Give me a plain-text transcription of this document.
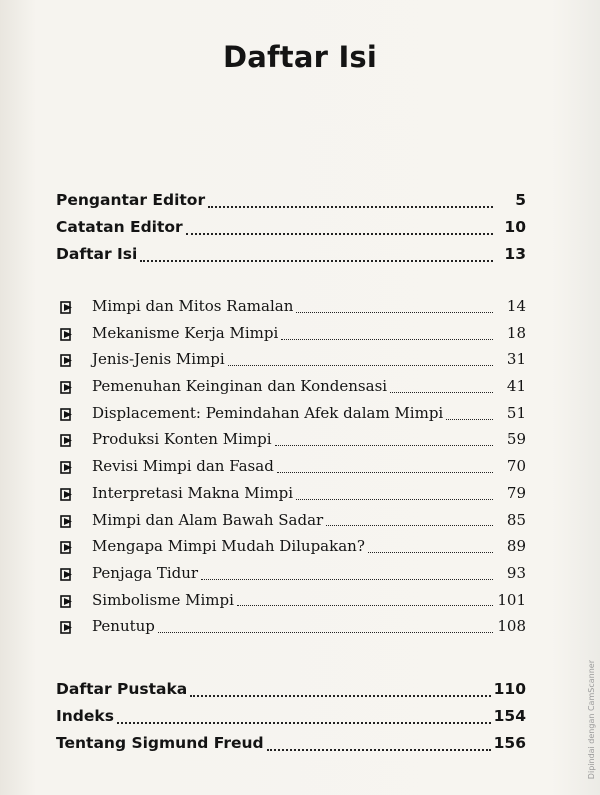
Daftar Isi
Pengantar Editor	5
Catatan Editor	10
Daftar Isi	13
Mimpi dan Mitos Ramalan	14
Mekanisme Kerja Mimpi	18
Jenis-Jenis Mimpi	31
Pemenuhan Keinginan dan Kondensasi	41
Displacement: Pemindahan Afek dalam Mimpi	51
Produksi Konten Mimpi	59
Revisi Mimpi dan Fasad	70
Interpretasi Makna Mimpi	79
Mimpi dan Alam Bawah Sadar	85
Mengapa Mimpi Mudah Dilupakan?	89
Penjaga Tidur	93
Simbolisme Mimpi	101
Penutup	108
Daftar Pustaka	110
Indeks	154
Tentang Sigmund Freud	156	Dipindai dengan CamScanner
